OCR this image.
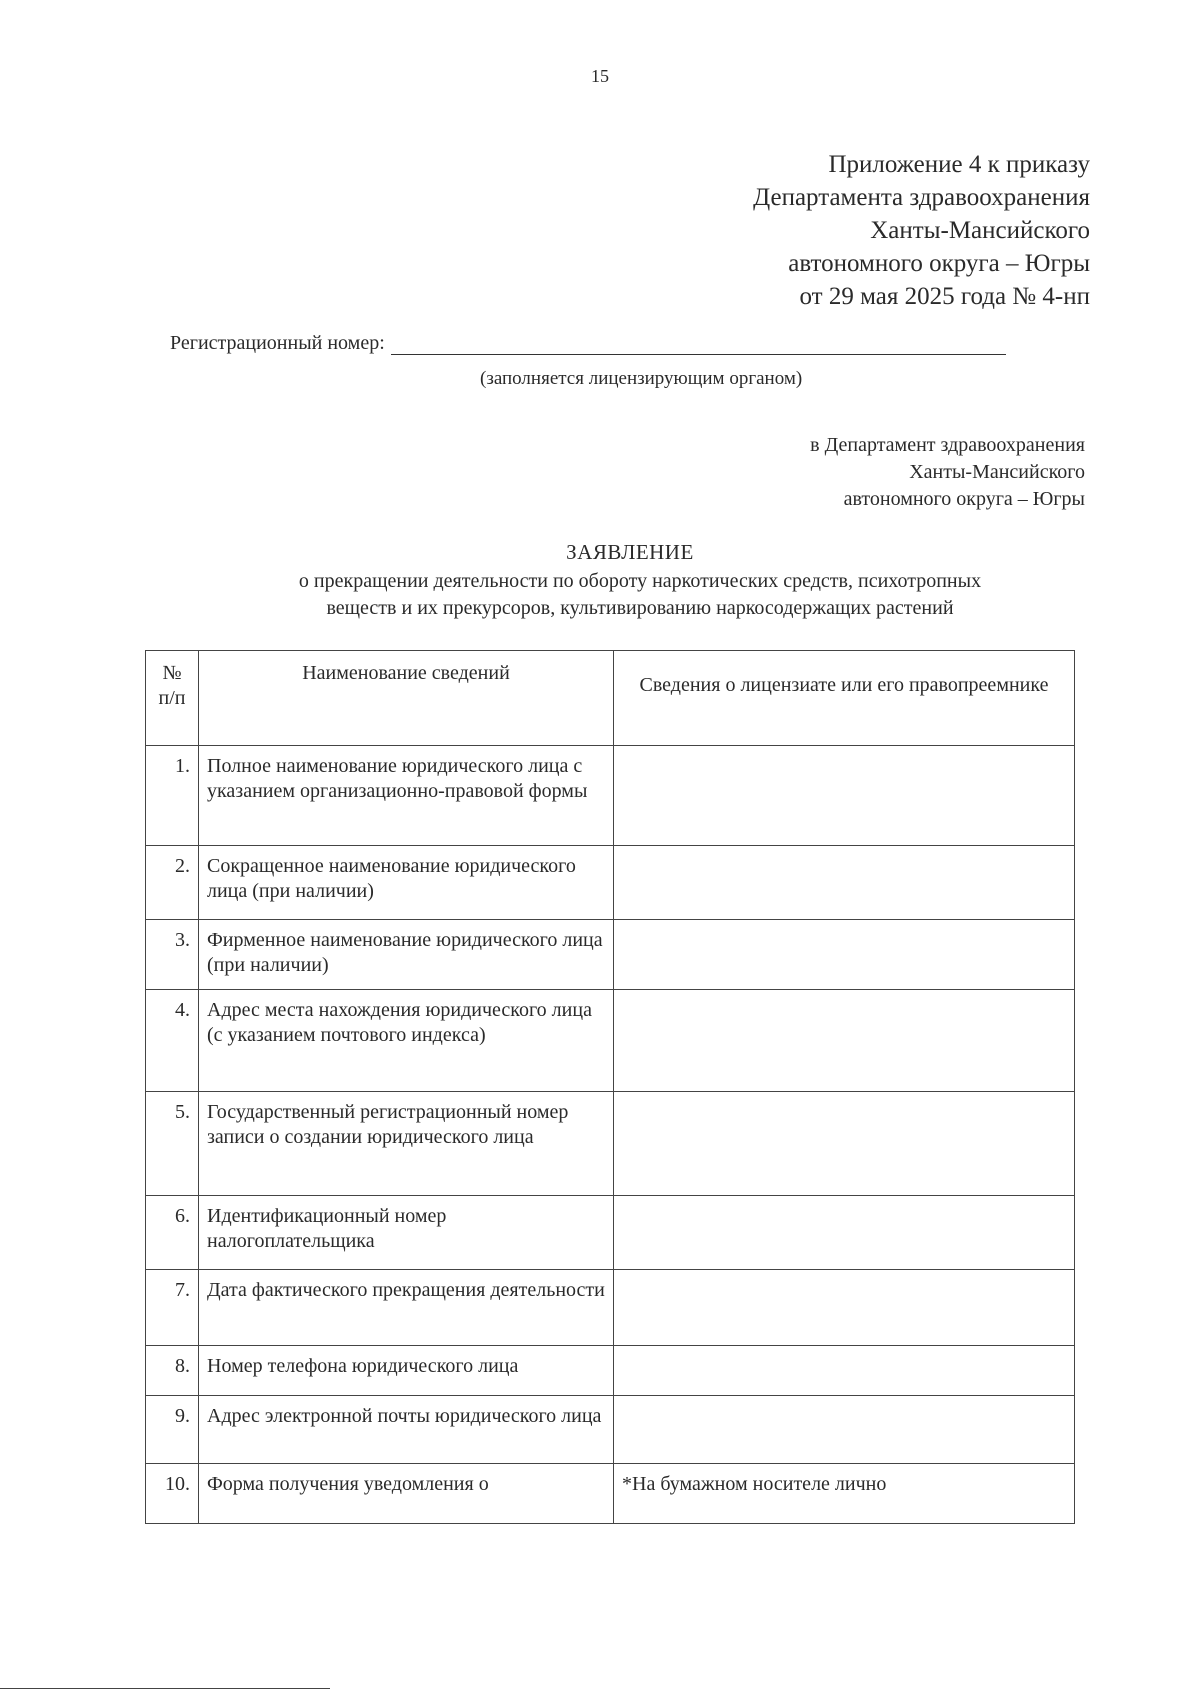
15
Приложение 4 к приказу
Департамента здравоохранения
Ханты-Мансийского
автономного округа – Югры
от 29 мая 2025 года № 4-нп
Регистрационный номер:
(заполняется лицензирующим органом)
в Департамент здравоохранения
Ханты-Мансийского
автономного округа – Югры
ЗАЯВЛЕНИЕ
о прекращении деятельности по обороту наркотических средств, психотропных
веществ и их прекурсоров, культивированию наркосодержащих растений
№ п/п	Наименование сведений	Сведения о лицензиате или его правопреемнике
1.	Полное наименование юридического лица с указанием организационно-правовой формы	
2.	Сокращенное наименование юридического лица (при наличии)	
3.	Фирменное наименование юридического лица (при наличии)	
4.	Адрес места нахождения юридического лица (с указанием почтового индекса)	
5.	Государственный регистрационный номер записи о создании юридического лица	
6.	Идентификационный номер налогоплательщика	
7.	Дата фактического прекращения деятельности	
8.	Номер телефона юридического лица	
9.	Адрес электронной почты юридического лица	
10.	Форма получения уведомления о	*На бумажном носителе лично
